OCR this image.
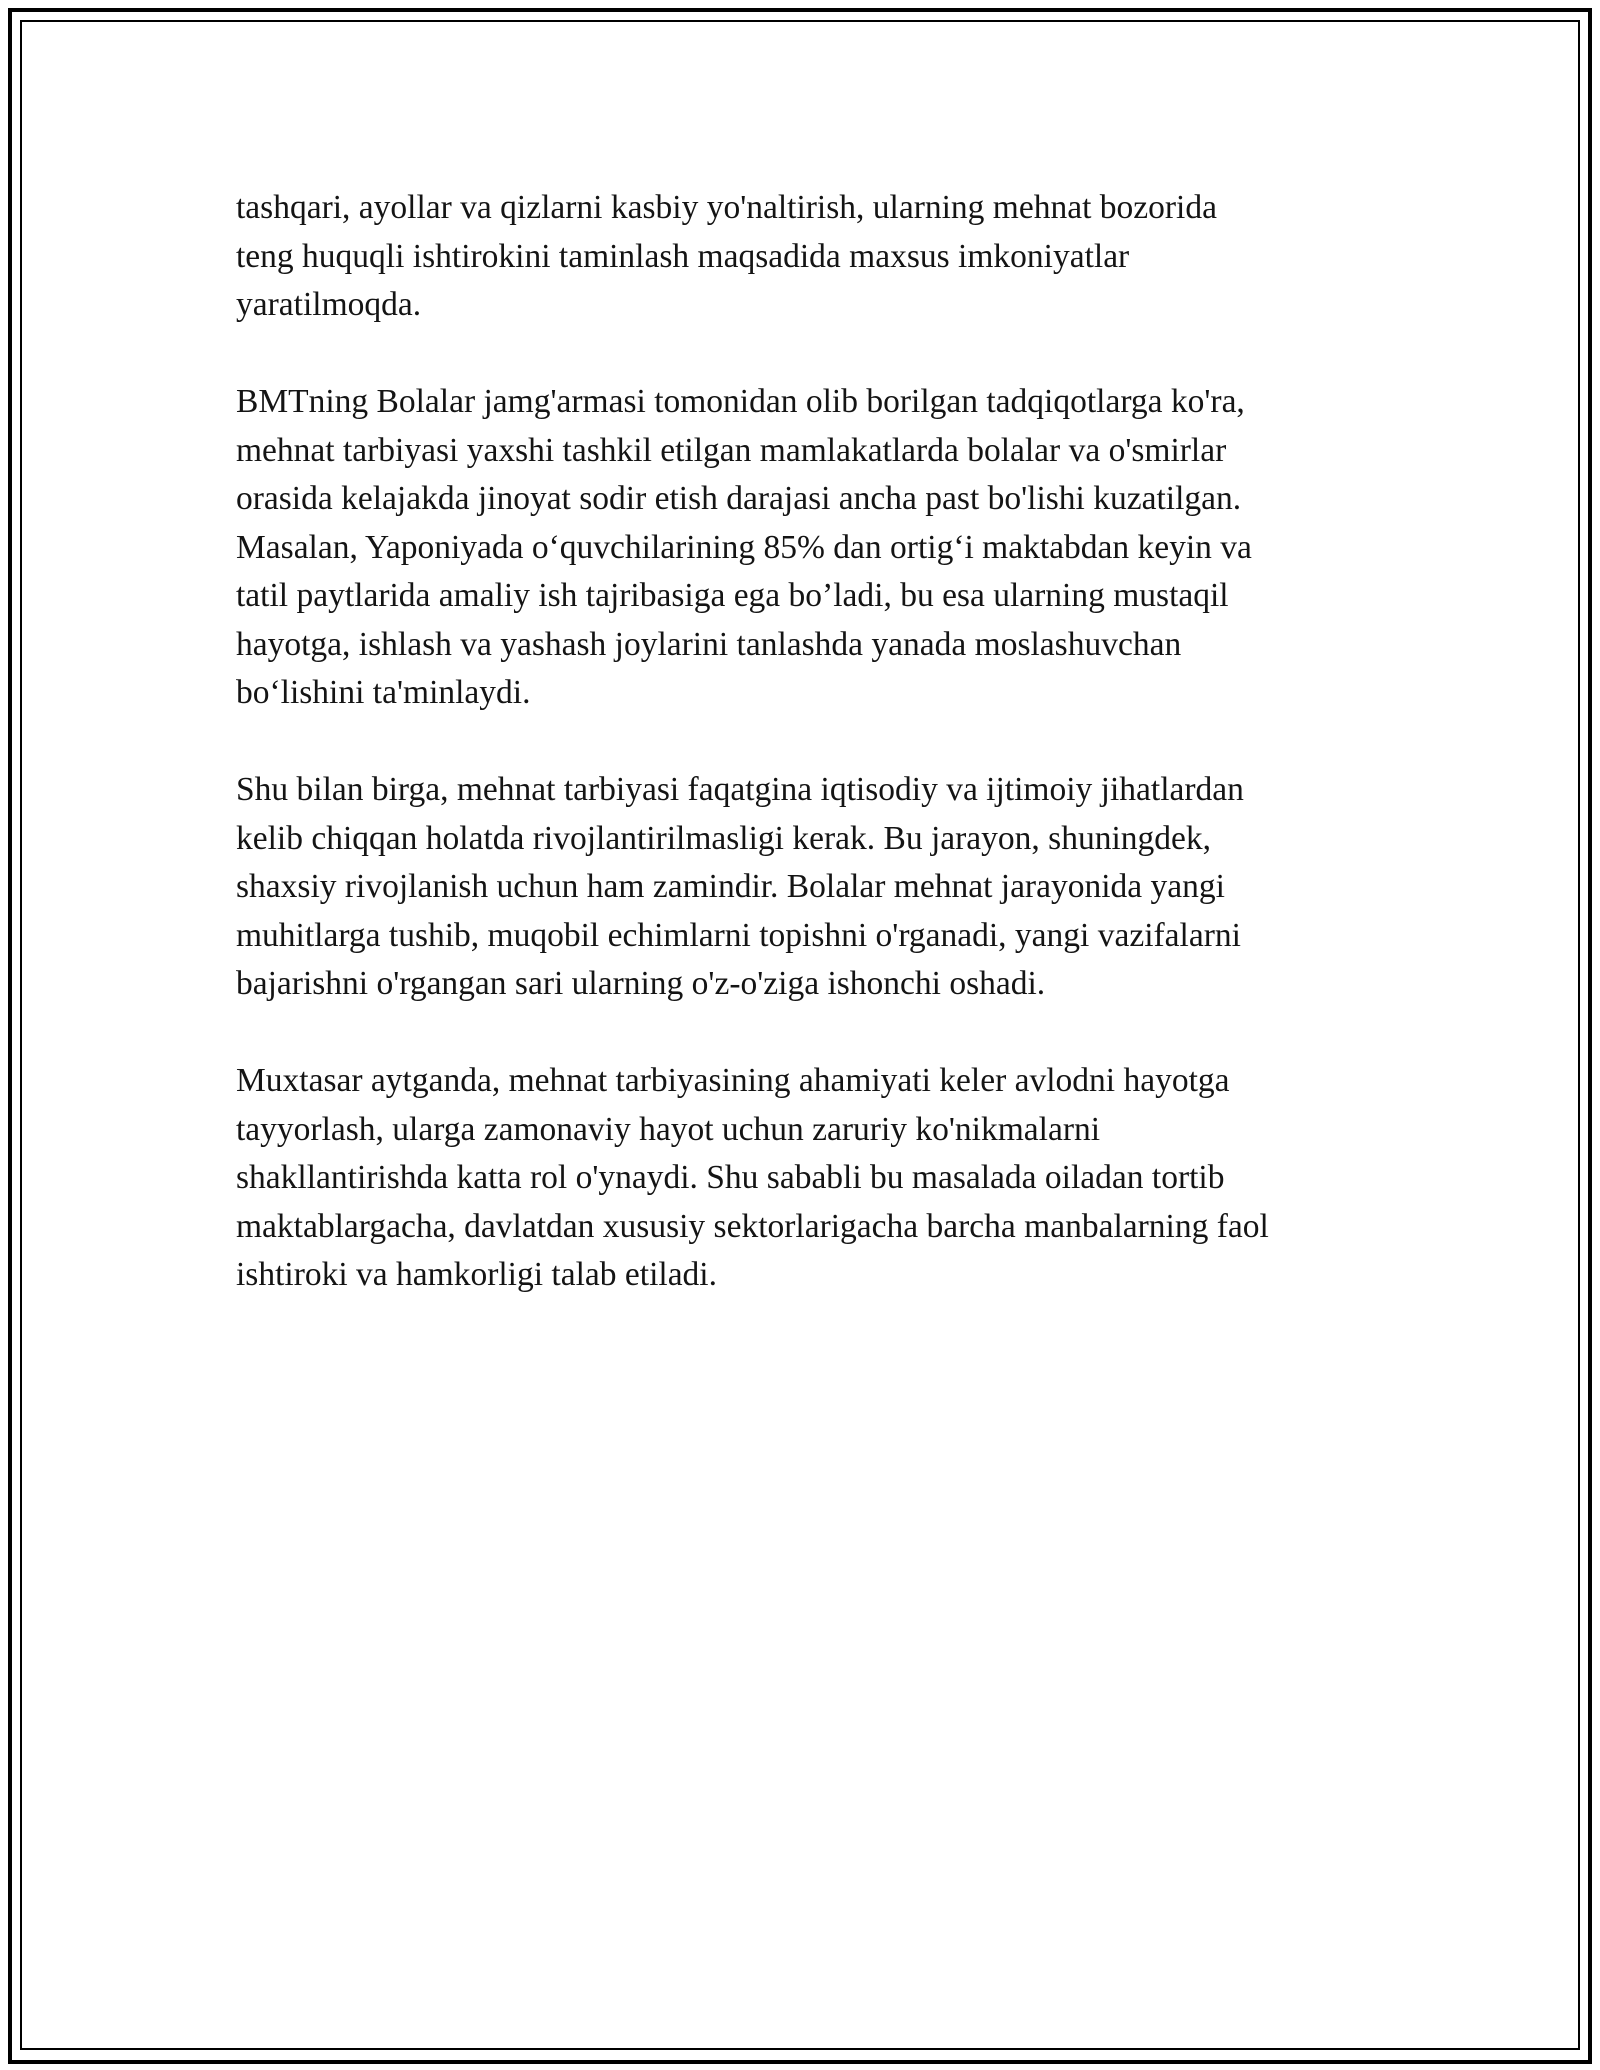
tashqari, ayollar va qizlarni kasbiy yo'naltirish, ularning mehnat bozorida
teng huquqli ishtirokini taminlash maqsadida maxsus imkoniyatlar
yaratilmoqda.

BMTning Bolalar jamg'armasi tomonidan olib borilgan tadqiqotlarga ko'ra,
mehnat tarbiyasi yaxshi tashkil etilgan mamlakatlarda bolalar va o'smirlar
orasida kelajakda jinoyat sodir etish darajasi ancha past bo'lishi kuzatilgan.
Masalan, Yaponiyada o‘quvchilarining 85% dan ortig‘i maktabdan keyin va
tatil paytlarida amaliy ish tajribasiga ega bo’ladi, bu esa ularning mustaqil
hayotga, ishlash va yashash joylarini tanlashda yanada moslashuvchan
bo‘lishini ta'minlaydi.

Shu bilan birga, mehnat tarbiyasi faqatgina iqtisodiy va ijtimoiy jihatlardan
kelib chiqqan holatda rivojlantirilmasligi kerak. Bu jarayon, shuningdek,
shaxsiy rivojlanish uchun ham zamindir. Bolalar mehnat jarayonida yangi
muhitlarga tushib, muqobil echimlarni topishni o'rganadi, yangi vazifalarni
bajarishni o'rgangan sari ularning o'z-o'ziga ishonchi oshadi.

Muxtasar aytganda, mehnat tarbiyasining ahamiyati keler avlodni hayotga
tayyorlash, ularga zamonaviy hayot uchun zaruriy ko'nikmalarni
shakllantirishda katta rol o'ynaydi. Shu sababli bu masalada oiladan tortib
maktablargacha, davlatdan xususiy sektorlarigacha barcha manbalarning faol
ishtiroki va hamkorligi talab etiladi.
